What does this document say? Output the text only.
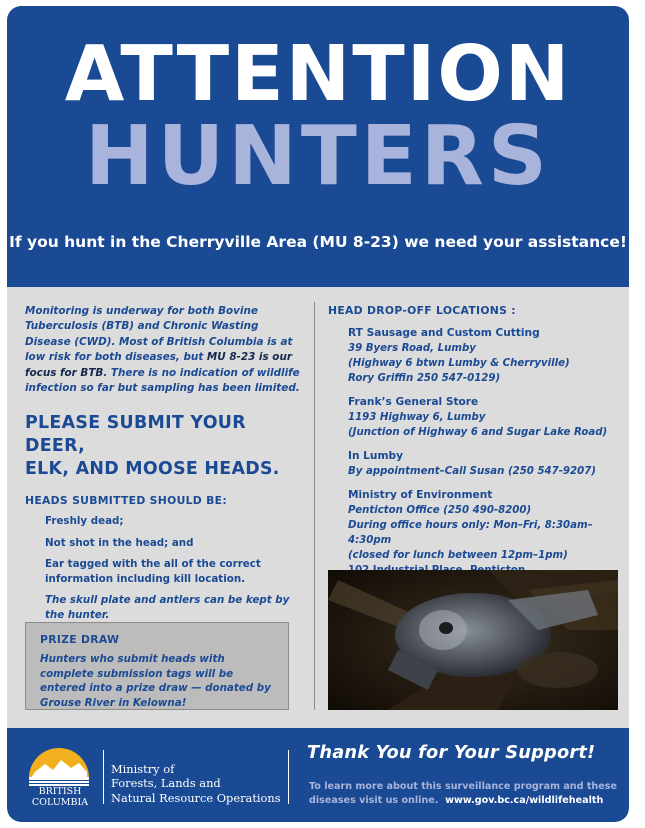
ATTENTION
HUNTERS
If you hunt in the Cherryville Area (MU 8-23) we need your assistance!

Monitoring is underway for both Bovine Tuberculosis (BTB) and Chronic Wasting Disease (CWD). Most of British Columbia is at low risk for both diseases, but MU 8-23 is our focus for BTB. There is no indication of wildlife infection so far but sampling has been limited.

PLEASE SUBMIT YOUR DEER,
ELK, AND MOOSE HEADS.
HEADS SUBMITTED SHOULD BE:
Freshly dead;
Not shot in the head; and
Ear tagged with the all of the correct information including kill location.
The skull plate and antlers can be kept by the hunter.
PRIZE DRAW
Hunters who submit heads with complete submission tags will be entered into a prize draw — donated by Grouse River in Kelowna!
HEAD DROP-OFF LOCATIONS :
RT Sausage and Custom Cutting
39 Byers Road, Lumby
(Highway 6 btwn Lumby & Cherryville)
Rory Griffin 250 547-0129)
Frank’s General Store
1193 Highway 6, Lumby
(Junction of Highway 6 and Sugar Lake Road)
In Lumby
By appointment–Call Susan (250 547-9207)
Ministry of Environment
Penticton Office (250 490-8200)
During office hours only: Mon–Fri, 8:30am–4:30pm
(closed for lunch between 12pm–1pm)
BRITISH
COLUMBIA
Ministry of
Forests, Lands and
Natural Resource Operations
Thank You for Your Support!
To learn more about this surveillance program and these
diseases visit us online. www.gov.bc.ca/wildlifehealth
